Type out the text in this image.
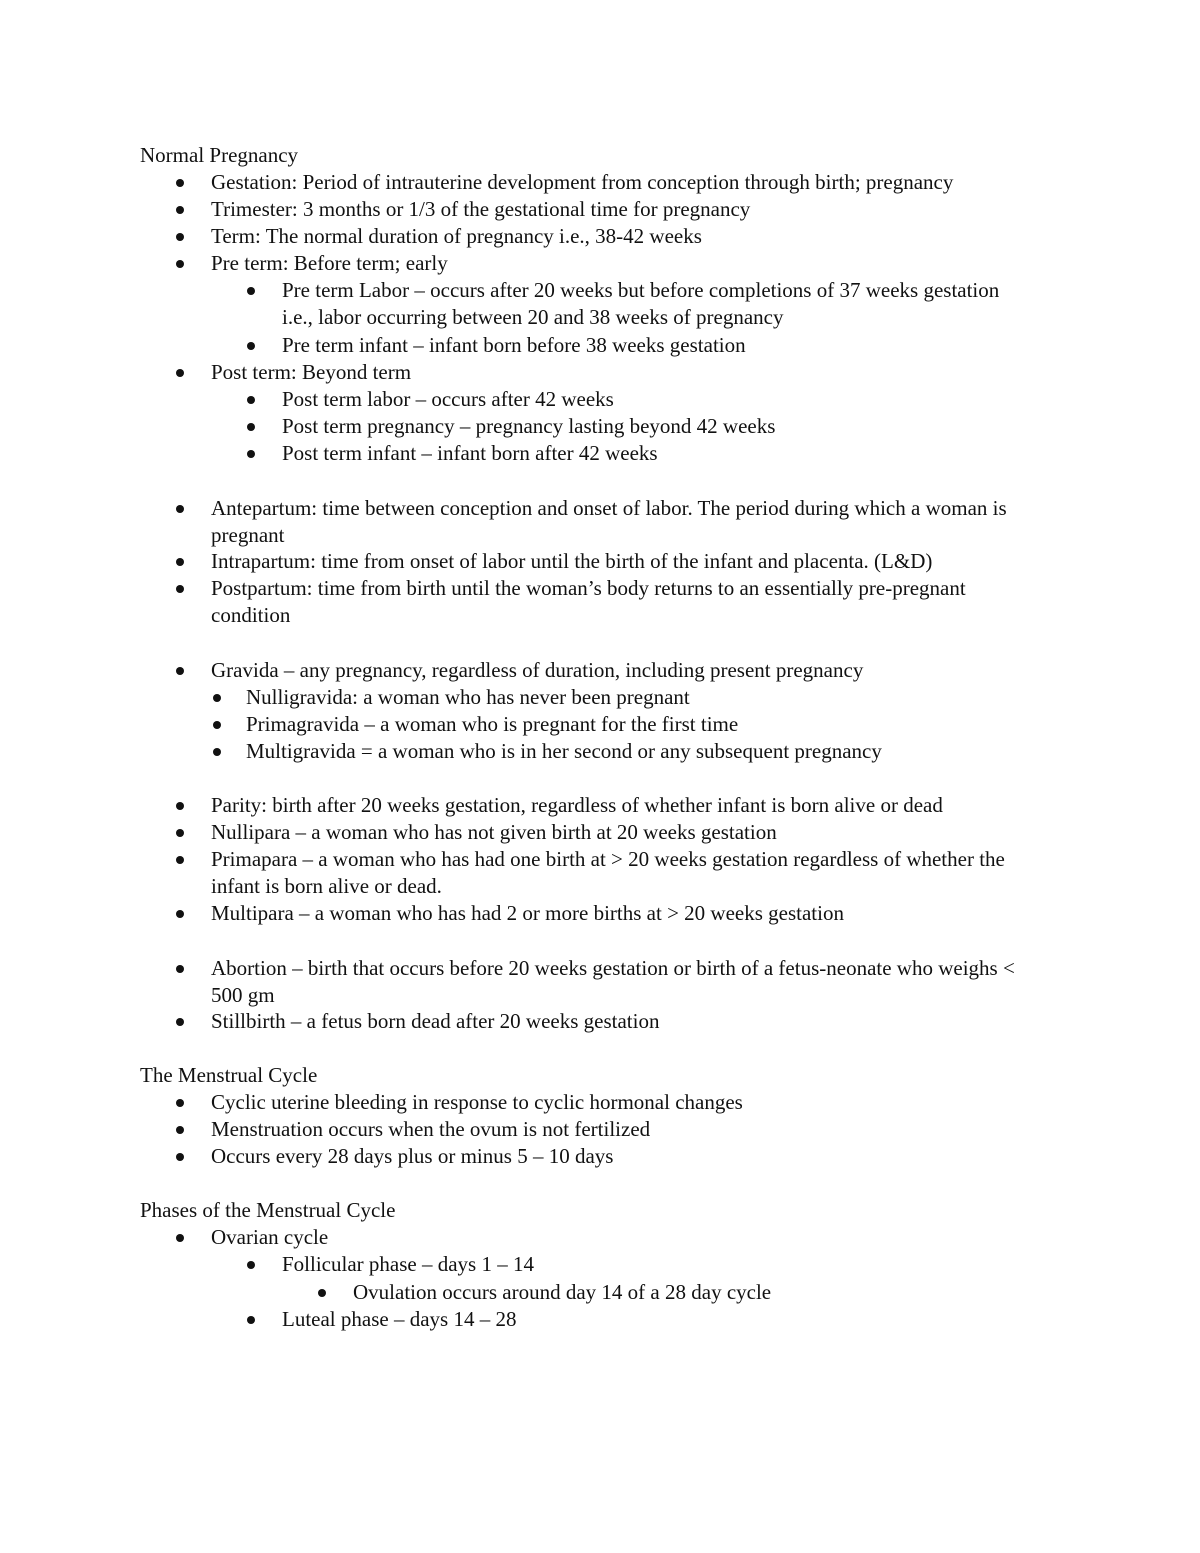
Normal Pregnancy
Gestation: Period of intrauterine development from conception through birth; pregnancy
Trimester: 3 months or 1/3 of the gestational time for pregnancy
Term: The normal duration of pregnancy i.e., 38-42 weeks
Pre term: Before term; early
Pre term Labor – occurs after 20 weeks but before completions of 37 weeks gestation i.e., labor occurring between 20 and 38 weeks of pregnancy
Pre term infant – infant born before 38 weeks gestation
Post term: Beyond term
Post term labor – occurs after 42 weeks
Post term pregnancy – pregnancy lasting beyond 42 weeks
Post term infant – infant born after 42 weeks
Antepartum: time between conception and onset of labor. The period during which a woman is pregnant
Intrapartum: time from onset of labor until the birth of the infant and placenta. (L&D)
Postpartum: time from birth until the woman’s body returns to an essentially pre-pregnant condition
Gravida – any pregnancy, regardless of duration, including present pregnancy
Nulligravida: a woman who has never been pregnant
Primagravida – a woman who is pregnant for the first time
Multigravida = a woman who is in her second or any subsequent pregnancy
Parity: birth after 20 weeks gestation, regardless of whether infant is born alive or dead
Nullipara – a woman who has not given birth at 20 weeks gestation
Primapara – a woman who has had one birth at > 20 weeks gestation regardless of whether the infant is born alive or dead.
Multipara – a woman who has had 2 or more births at > 20 weeks gestation
Abortion – birth that occurs before 20 weeks gestation or birth of a fetus-neonate who weighs < 500 gm
Stillbirth – a fetus born dead after 20 weeks gestation
The Menstrual Cycle
Cyclic uterine bleeding in response to cyclic hormonal changes
Menstruation occurs when the ovum is not fertilized
Occurs every 28 days plus or minus 5 – 10 days
Phases of the Menstrual Cycle
Ovarian cycle
Follicular phase – days 1 – 14
Ovulation occurs around day 14 of a 28 day cycle
Luteal phase – days 14 – 28
